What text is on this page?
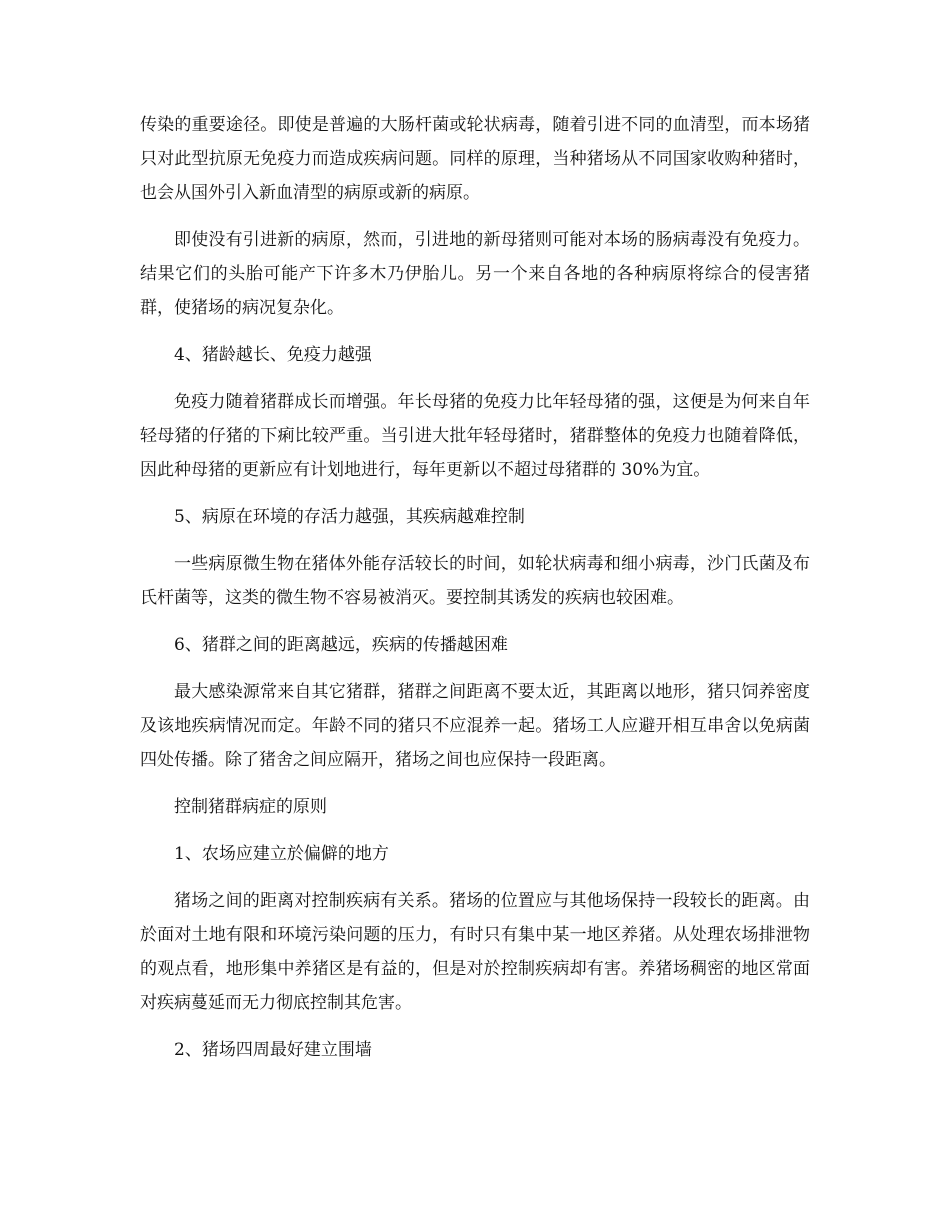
传染的重要途径。即使是普遍的大肠杆菌或轮状病毒，随着引进不同的血清型，而本场猪只对此型抗原无免疫力而造成疾病问题。同样的原理，当种猪场从不同国家收购种猪时，也会从国外引入新血清型的病原或新的病原。

即使没有引进新的病原，然而，引进地的新母猪则可能对本场的肠病毒没有免疫力。结果它们的头胎可能产下许多木乃伊胎儿。另一个来自各地的各种病原将综合的侵害猪群，使猪场的病况复杂化。

4、猪龄越长、免疫力越强

免疫力随着猪群成长而增强。年长母猪的免疫力比年轻母猪的强，这便是为何来自年轻母猪的仔猪的下痢比较严重。当引进大批年轻母猪时，猪群整体的免疫力也随着降低，因此种母猪的更新应有计划地进行，每年更新以不超过母猪群的 30%为宜。

5、病原在环境的存活力越强，其疾病越难控制

一些病原微生物在猪体外能存活较长的时间，如轮状病毒和细小病毒，沙门氏菌及布氏杆菌等，这类的微生物不容易被消灭。要控制其诱发的疾病也较困难。

6、猪群之间的距离越远，疾病的传播越困难

最大感染源常来自其它猪群，猪群之间距离不要太近，其距离以地形，猪只饲养密度及该地疾病情况而定。年龄不同的猪只不应混养一起。猪场工人应避开相互串舍以免病菌四处传播。除了猪舍之间应隔开，猪场之间也应保持一段距离。

控制猪群病症的原则

1、农场应建立於偏僻的地方

猪场之间的距离对控制疾病有关系。猪场的位置应与其他场保持一段较长的距离。由於面对土地有限和环境污染问题的压力，有时只有集中某一地区养猪。从处理农场排泄物的观点看，地形集中养猪区是有益的，但是对於控制疾病却有害。养猪场稠密的地区常面对疾病蔓延而无力彻底控制其危害。

2、猪场四周最好建立围墙
